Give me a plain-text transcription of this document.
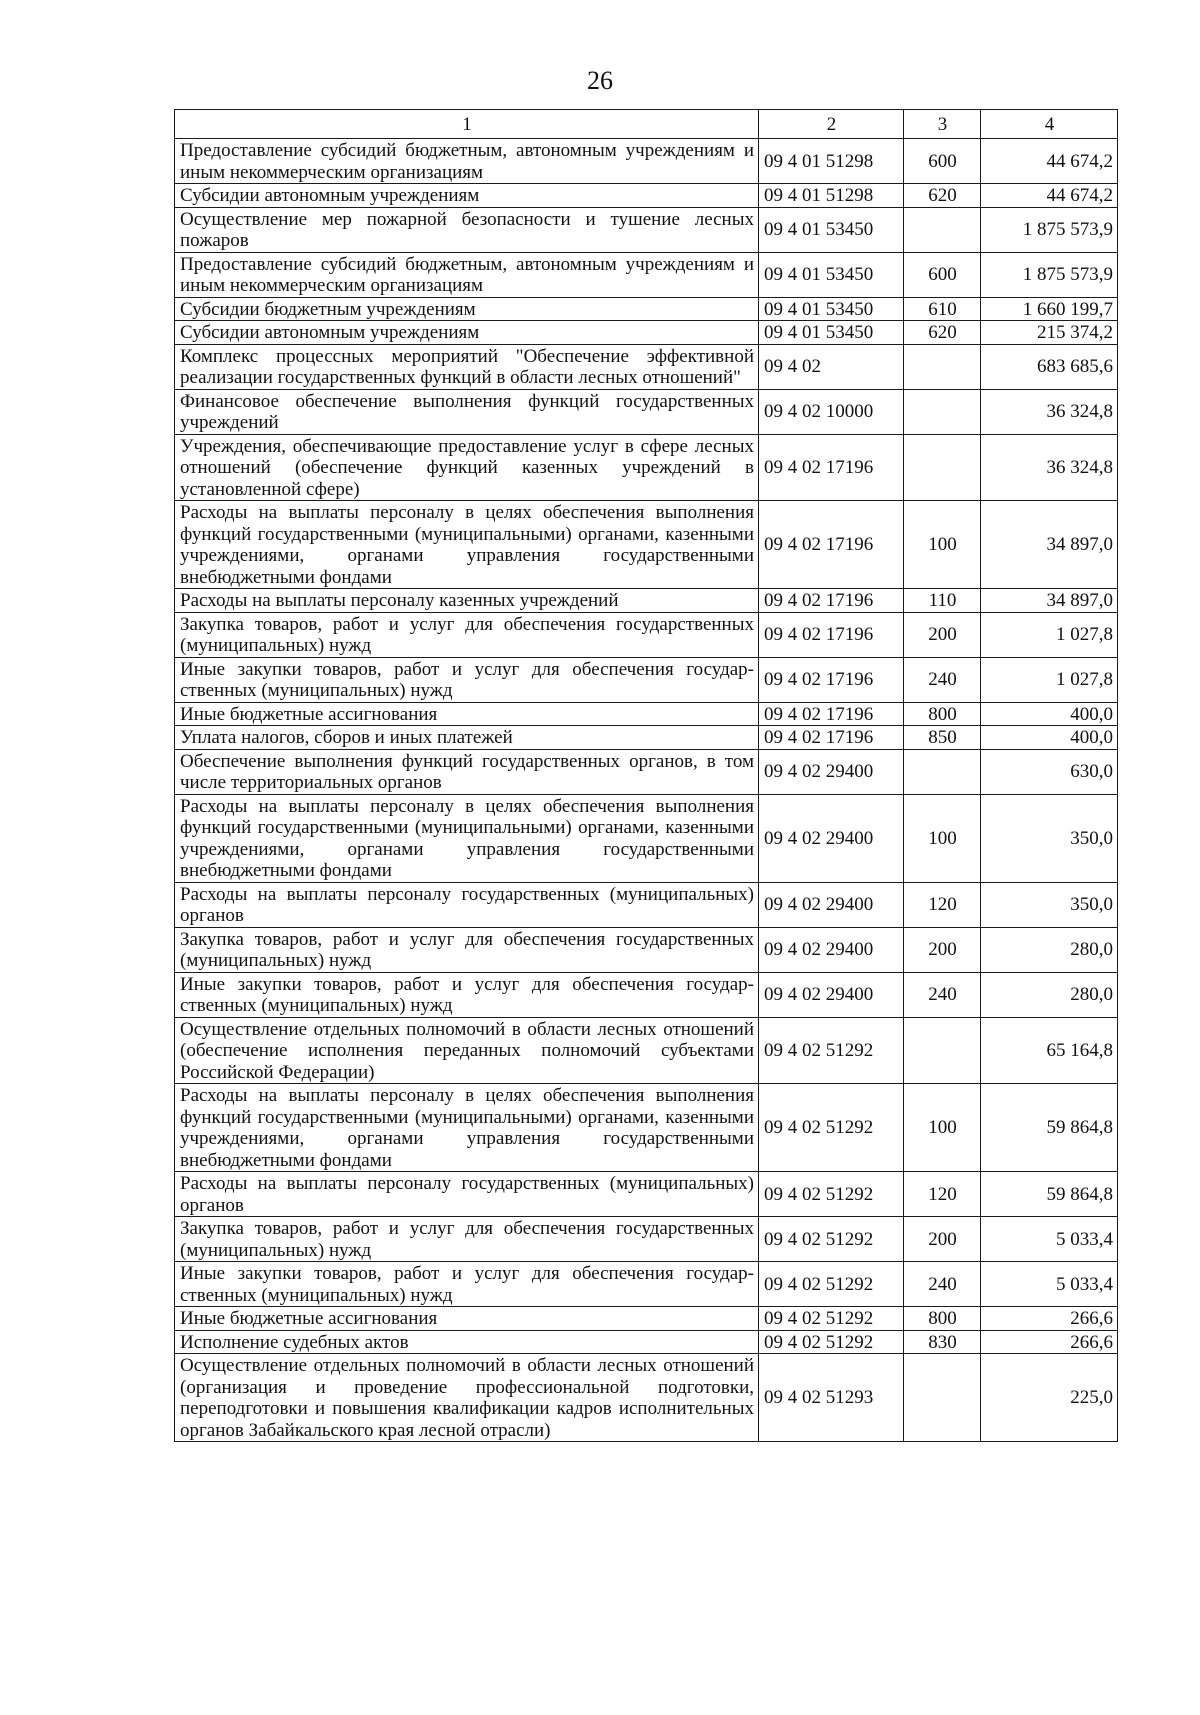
26
1	2	3	4
Предоставление субсидий бюджетным, автономным учреждениям и иным некоммерческим организациям	09 4 01 51298	600	44 674,2
Субсидии автономным учреждениям	09 4 01 51298	620	44 674,2
Осуществление мер пожарной безопасности и тушение лесных пожаров	09 4 01 53450		1 875 573,9
Предоставление субсидий бюджетным, автономным учреждениям и иным некоммерческим организациям	09 4 01 53450	600	1 875 573,9
Субсидии бюджетным учреждениям	09 4 01 53450	610	1 660 199,7
Субсидии автономным учреждениям	09 4 01 53450	620	215 374,2
Комплекс процессных мероприятий "Обеспечение эффективной реализации государственных функций в области лесных отношений"	09 4 02		683 685,6
Финансовое обеспечение выполнения функций государственных учреждений	09 4 02 10000		36 324,8
Учреждения, обеспечивающие предоставление услуг в сфере лесных отношений (обеспечение функций казенных учреждений в установленной сфере)	09 4 02 17196		36 324,8
Расходы на выплаты персоналу в целях обеспечения выполнения функций государственными (муниципальными) органами, казенными учреждениями, органами управления государственными внебюджетными фондами	09 4 02 17196	100	34 897,0
Расходы на выплаты персоналу казенных учреждений	09 4 02 17196	110	34 897,0
Закупка товаров, работ и услуг для обеспечения государственных (муниципальных) нужд	09 4 02 17196	200	1 027,8
Иные закупки товаров, работ и услуг для обеспечения государственных (муниципальных) нужд	09 4 02 17196	240	1 027,8
Иные бюджетные ассигнования	09 4 02 17196	800	400,0
Уплата налогов, сборов и иных платежей	09 4 02 17196	850	400,0
Обеспечение выполнения функций государственных органов, в том числе территориальных органов	09 4 02 29400		630,0
Расходы на выплаты персоналу в целях обеспечения выполнения функций государственными (муниципальными) органами, казенными учреждениями, органами управления государственными внебюджетными фондами	09 4 02 29400	100	350,0
Расходы на выплаты персоналу государственных (муниципальных) органов	09 4 02 29400	120	350,0
Закупка товаров, работ и услуг для обеспечения государственных (муниципальных) нужд	09 4 02 29400	200	280,0
Иные закупки товаров, работ и услуг для обеспечения государственных (муниципальных) нужд	09 4 02 29400	240	280,0
Осуществление отдельных полномочий в области лесных отношений (обеспечение исполнения переданных полномочий субъектами Российской Федерации)	09 4 02 51292		65 164,8
Расходы на выплаты персоналу в целях обеспечения выполнения функций государственными (муниципальными) органами, казенными учреждениями, органами управления государственными внебюджетными фондами	09 4 02 51292	100	59 864,8
Расходы на выплаты персоналу государственных (муниципальных) органов	09 4 02 51292	120	59 864,8
Закупка товаров, работ и услуг для обеспечения государственных (муниципальных) нужд	09 4 02 51292	200	5 033,4
Иные закупки товаров, работ и услуг для обеспечения государственных (муниципальных) нужд	09 4 02 51292	240	5 033,4
Иные бюджетные ассигнования	09 4 02 51292	800	266,6
Исполнение судебных актов	09 4 02 51292	830	266,6
Осуществление отдельных полномочий в области лесных отношений (организация и проведение профессиональной подготовки, переподготовки и повышения квалификации кадров исполнительных органов Забайкальского края лесной отрасли)	09 4 02 51293		225,0
